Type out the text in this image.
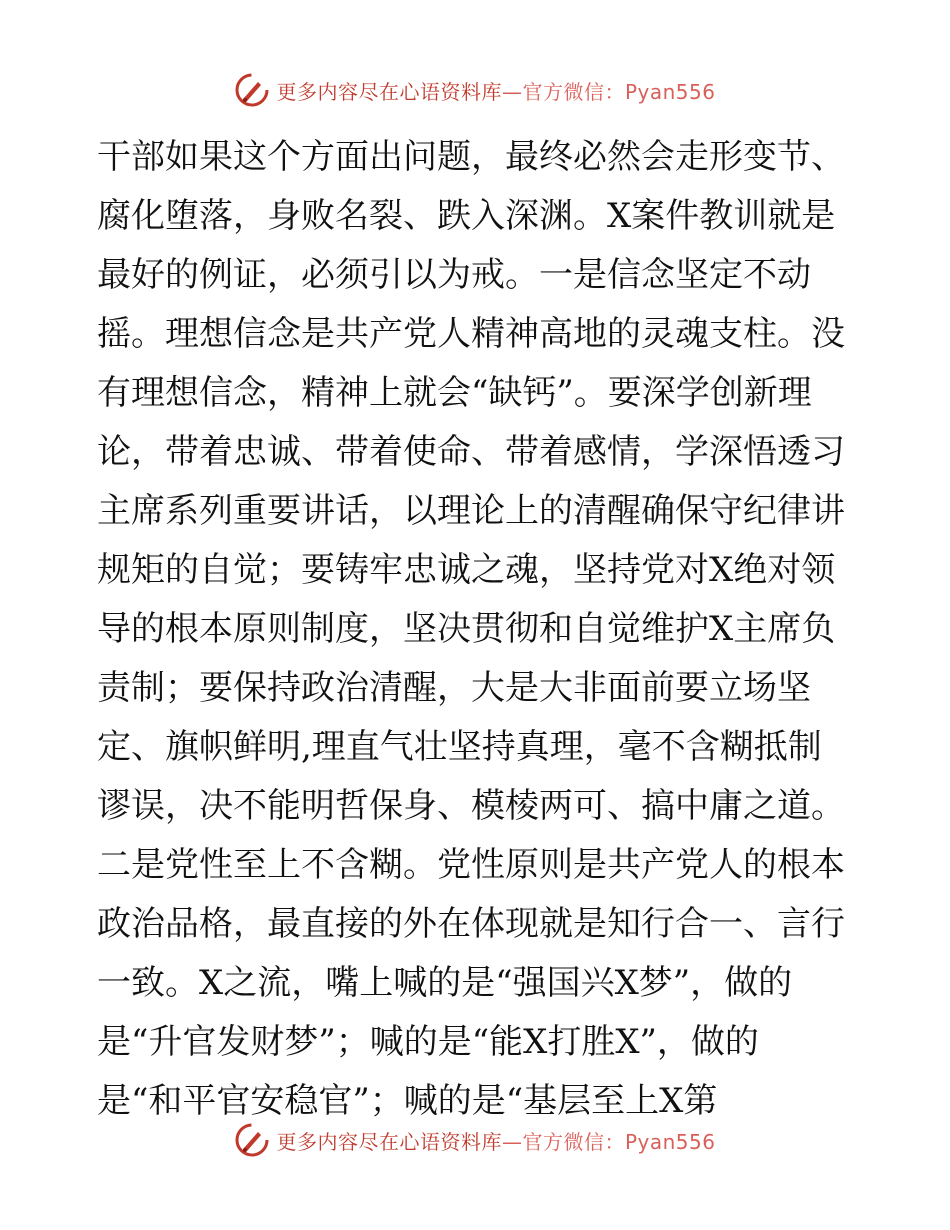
更多内容尽在心语资料库—官方微信：Pyan556
干部如果这个方面出问题，最终必然会走形变节、
腐化堕落，身败名裂、跌入深渊。X案件教训就是
最好的例证，必须引以为戒。一是信念坚定不动
摇。理想信念是共产党人精神高地的灵魂支柱。没
有理想信念，精神上就会“缺钙”。要深学创新理
论，带着忠诚、带着使命、带着感情，学深悟透习
主席系列重要讲话，以理论上的清醒确保守纪律讲
规矩的自觉；要铸牢忠诚之魂，坚持党对X绝对领
导的根本原则制度，坚决贯彻和自觉维护X主席负
责制；要保持政治清醒，大是大非面前要立场坚
定、旗帜鲜明,理直气壮坚持真理，毫不含糊抵制
谬误，决不能明哲保身、模棱两可、搞中庸之道。
二是党性至上不含糊。党性原则是共产党人的根本
政治品格，最直接的外在体现就是知行合一、言行
一致。X之流，嘴上喊的是“强国兴X梦”，做的
是“升官发财梦”；喊的是“能X打胜X”，做的
是“和平官安稳官”；喊的是“基层至上X第
更多内容尽在心语资料库—官方微信：Pyan556
